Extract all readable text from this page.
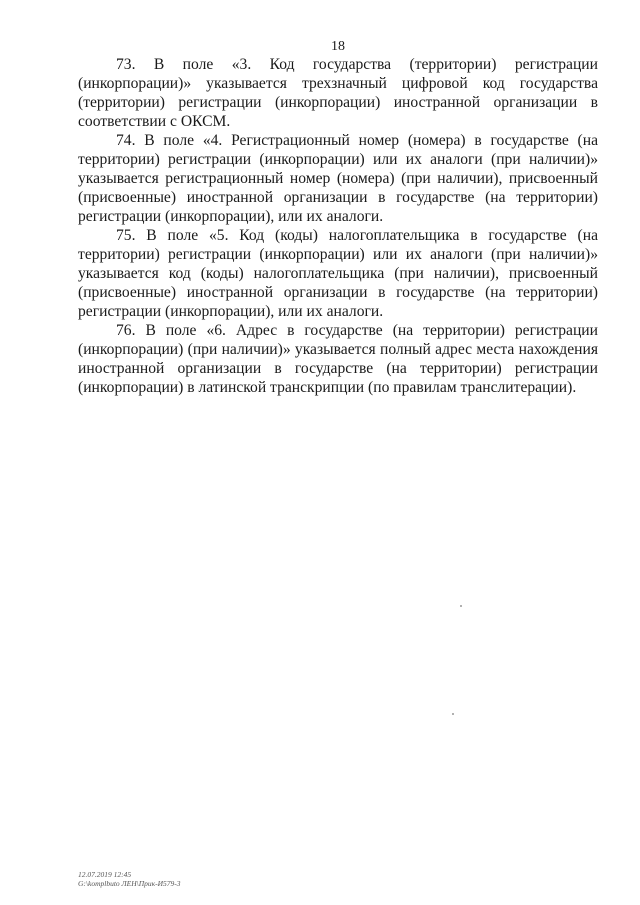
18

73. В поле «3. Код государства (территории) регистрации (инкорпорации)» указывается трехзначный цифровой код государства (территории) регистрации (инкорпорации) иностранной организации в соответствии с ОКСМ.

74. В поле «4. Регистрационный номер (номера) в государстве (на территории) регистрации (инкорпорации) или их аналоги (при наличии)» указывается регистрационный номер (номера) (при наличии), присвоенный (присвоенные) иностранной организации в государстве (на территории) регистрации (инкорпорации), или их аналоги.

75. В поле «5. Код (коды) налогоплательщика в государстве (на территории) регистрации (инкорпорации) или их аналоги (при наличии)» указывается код (коды) налогоплательщика (при наличии), присвоенный (присвоенные) иностранной организации в государстве (на территории) регистрации (инкорпорации), или их аналоги.

76. В поле «6. Адрес в государстве (на территории) регистрации (инкорпорации) (при наличии)» указывается полный адрес места нахождения иностранной организации в государстве (на территории) регистрации (инкорпорации) в латинской транскрипции (по правилам транслитерации).

12.07.2019 12:45
G:\komplbuto ЛЕН\Прик-И579-3
